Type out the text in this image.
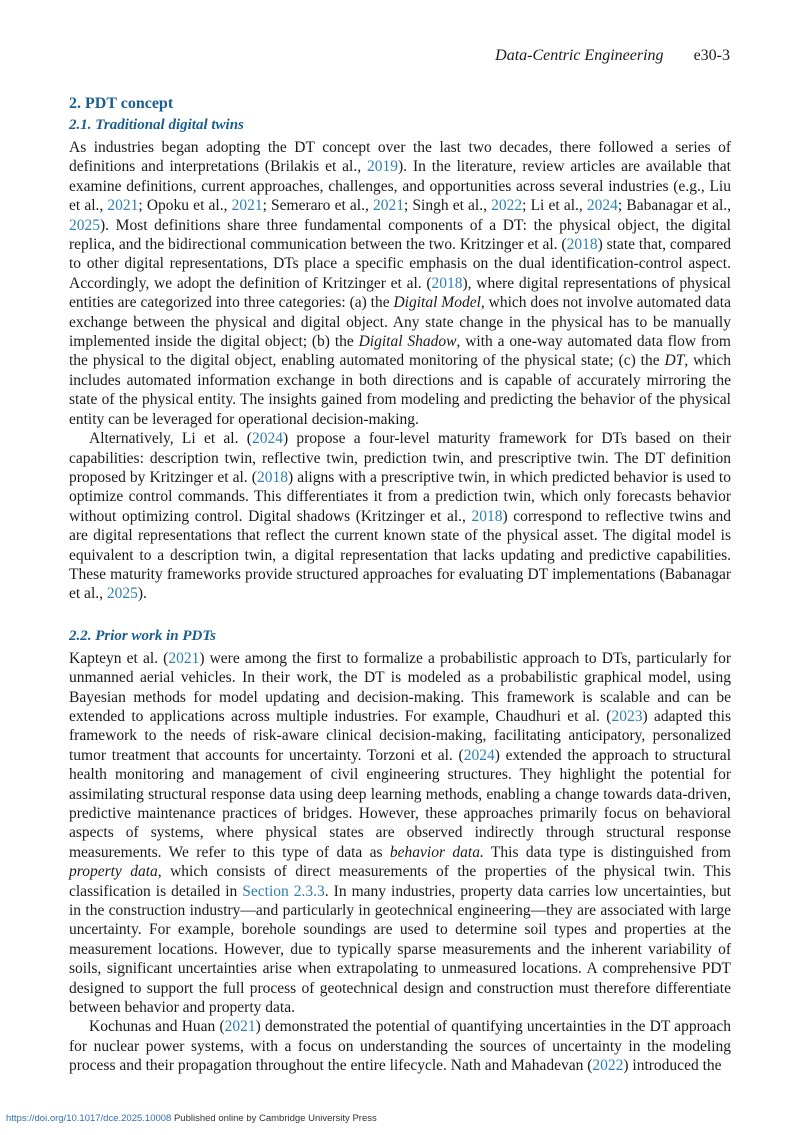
Data-Centric Engineering e30-3
2. PDT concept
2.1. Traditional digital twins

As industries began adopting the DT concept over the last two decades, there followed a series of definitions and interpretations (Brilakis et al., 2019). In the literature, review articles are available that examine definitions, current approaches, challenges, and opportunities across several industries (e.g., Liu et al., 2021; Opoku et al., 2021; Semeraro et al., 2021; Singh et al., 2022; Li et al., 2024; Babanagar et al., 2025). Most definitions share three fundamental components of a DT: the physical object, the digital replica, and the bidirectional communication between the two. Kritzinger et al. (2018) state that, compared to other digital representations, DTs place a specific emphasis on the dual identification-control aspect. Accordingly, we adopt the definition of Kritzinger et al. (2018), where digital representations of physical entities are categorized into three categories: (a) the Digital Model, which does not involve automated data exchange between the physical and digital object. Any state change in the physical has to be manually implemented inside the digital object; (b) the Digital Shadow, with a one-way automated data flow from the physical to the digital object, enabling automated monitoring of the physical state; (c) the DT, which includes automated information exchange in both directions and is capable of accurately mirroring the state of the physical entity. The insights gained from modeling and predicting the behavior of the physical entity can be leveraged for operational decision-making.

Alternatively, Li et al. (2024) propose a four-level maturity framework for DTs based on their capabilities: description twin, reflective twin, prediction twin, and prescriptive twin. The DT definition proposed by Kritzinger et al. (2018) aligns with a prescriptive twin, in which predicted behavior is used to optimize control commands. This differentiates it from a prediction twin, which only forecasts behavior without optimizing control. Digital shadows (Kritzinger et al., 2018) correspond to reflective twins and are digital representations that reflect the current known state of the physical asset. The digital model is equivalent to a description twin, a digital representation that lacks updating and predictive capabilities. These maturity frameworks provide structured approaches for evaluating DT implementations (Babanagar et al., 2025).

2.2. Prior work in PDTs

Kapteyn et al. (2021) were among the first to formalize a probabilistic approach to DTs, particularly for unmanned aerial vehicles. In their work, the DT is modeled as a probabilistic graphical model, using Bayesian methods for model updating and decision-making. This framework is scalable and can be extended to applications across multiple industries. For example, Chaudhuri et al. (2023) adapted this framework to the needs of risk-aware clinical decision-making, facilitating anticipatory, personalized tumor treatment that accounts for uncertainty. Torzoni et al. (2024) extended the approach to structural health monitoring and management of civil engineering structures. They highlight the potential for assimilating structural response data using deep learning methods, enabling a change towards data-driven, predictive maintenance practices of bridges. However, these approaches primarily focus on behavioral aspects of systems, where physical states are observed indirectly through structural response measurements. We refer to this type of data as behavior data. This data type is distinguished from property data, which consists of direct measurements of the properties of the physical twin. This classification is detailed in Section 2.3.3. In many industries, property data carries low uncertainties, but in the construction industry—and particularly in geotechnical engineering—they are associated with large uncertainty. For example, borehole soundings are used to determine soil types and properties at the measurement locations. However, due to typically sparse measurements and the inherent variability of soils, significant uncertainties arise when extrapolating to unmeasured locations. A comprehensive PDT designed to support the full process of geotechnical design and construction must therefore differentiate between behavior and property data.

Kochunas and Huan (2021) demonstrated the potential of quantifying uncertainties in the DT approach for nuclear power systems, with a focus on understanding the sources of uncertainty in the modeling process and their propagation throughout the entire lifecycle. Nath and Mahadevan (2022) introduced the

https://doi.org/10.1017/dce.2025.10008 Published online by Cambridge University Press
